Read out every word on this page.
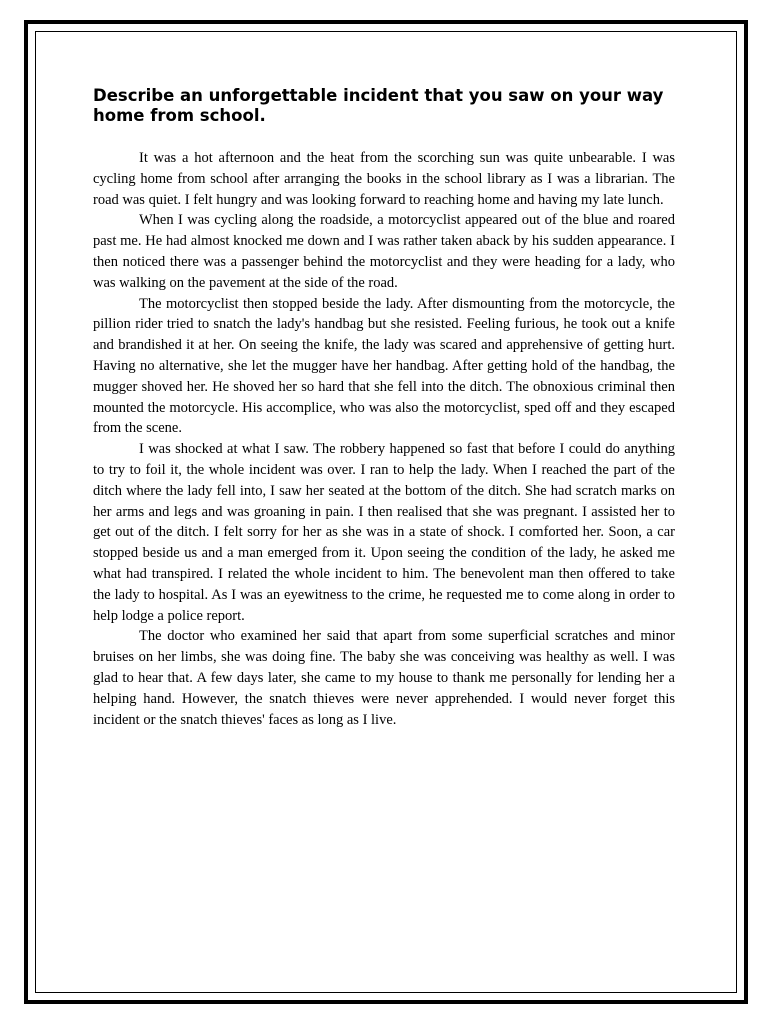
Describe an unforgettable incident that you saw on your way home from school.

It was a hot afternoon and the heat from the scorching sun was quite unbearable. I was cycling home from school after arranging the books in the school library as I was a librarian. The road was quiet. I felt hungry and was looking forward to reaching home and having my late lunch.

When I was cycling along the roadside, a motorcyclist appeared out of the blue and roared past me. He had almost knocked me down and I was rather taken aback by his sudden appearance. I then noticed there was a passenger behind the motorcyclist and they were heading for a lady, who was walking on the pavement at the side of the road.

The motorcyclist then stopped beside the lady. After dismounting from the motorcycle, the pillion rider tried to snatch the lady's handbag but she resisted. Feeling furious, he took out a knife and brandished it at her. On seeing the knife, the lady was scared and apprehensive of getting hurt. Having no alternative, she let the mugger have her handbag. After getting hold of the handbag, the mugger shoved her. He shoved her so hard that she fell into the ditch. The obnoxious criminal then mounted the motorcycle. His accomplice, who was also the motorcyclist, sped off and they escaped from the scene.

I was shocked at what I saw. The robbery happened so fast that before I could do anything to try to foil it, the whole incident was over. I ran to help the lady. When I reached the part of the ditch where the lady fell into, I saw her seated at the bottom of the ditch. She had scratch marks on her arms and legs and was groaning in pain. I then realised that she was pregnant. I assisted her to get out of the ditch. I felt sorry for her as she was in a state of shock. I comforted her. Soon, a car stopped beside us and a man emerged from it. Upon seeing the condition of the lady, he asked me what had transpired. I related the whole incident to him. The benevolent man then offered to take the lady to hospital. As I was an eyewitness to the crime, he requested me to come along in order to help lodge a police report.

The doctor who examined her said that apart from some superficial scratches and minor bruises on her limbs, she was doing fine. The baby she was conceiving was healthy as well. I was glad to hear that. A few days later, she came to my house to thank me personally for lending her a helping hand. However, the snatch thieves were never apprehended. I would never forget this incident or the snatch thieves' faces as long as I live.
